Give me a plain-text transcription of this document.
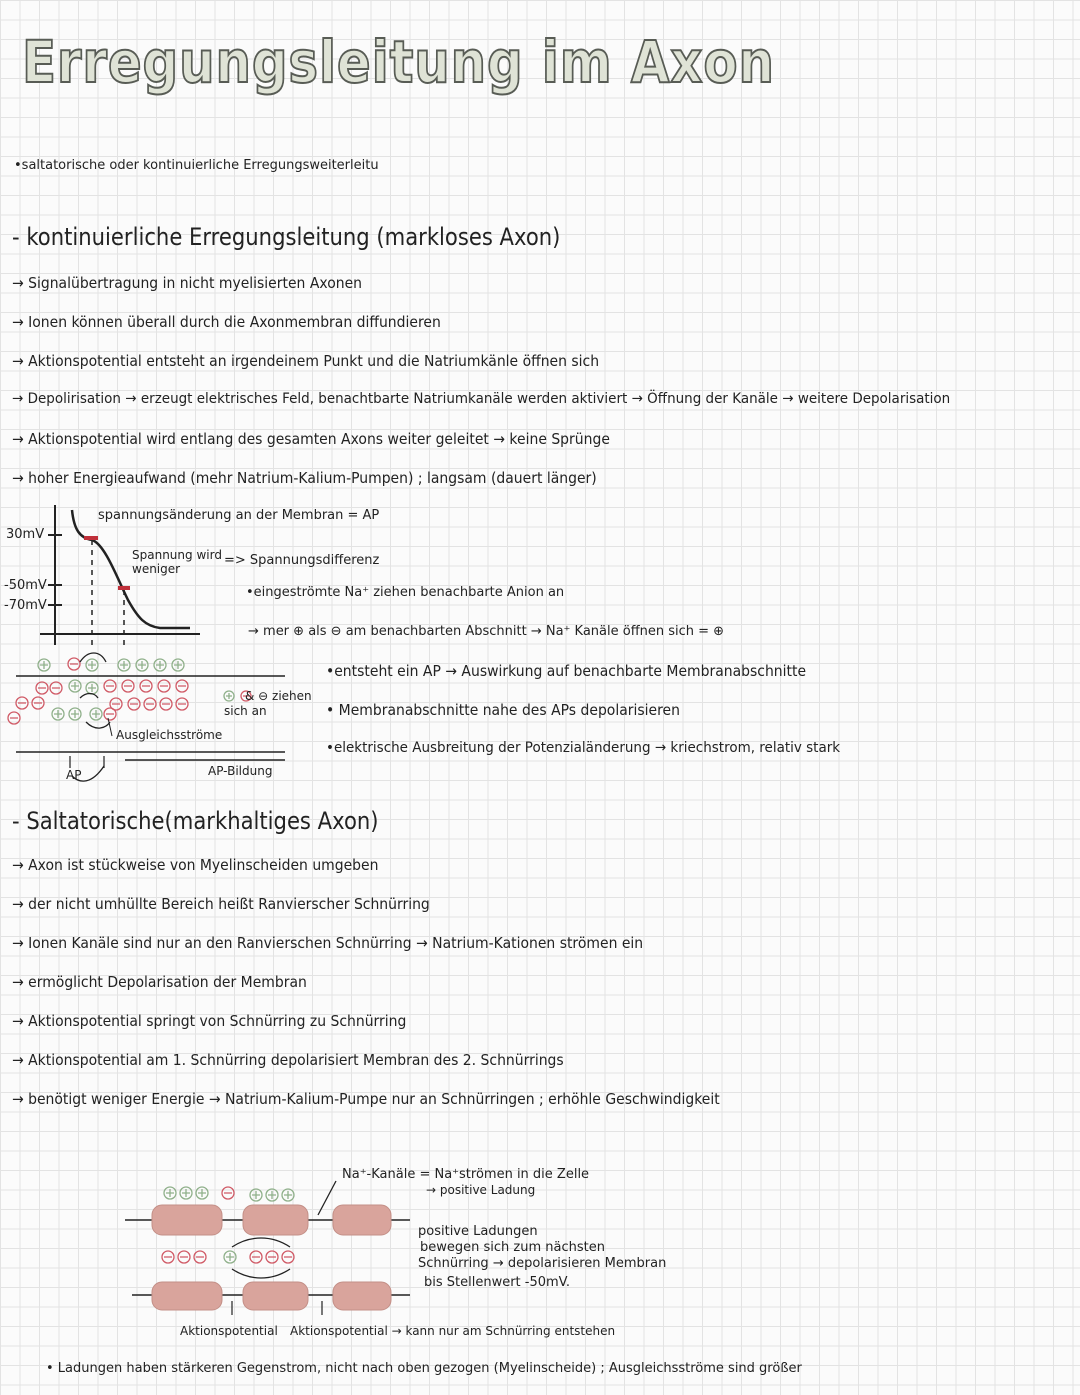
Erregungsleitung im Axon
•saltatorische oder kontinuierliche Erregungsweiterleitu
- kontinuierliche Erregungsleitung (markloses Axon)
→ Signalübertragung in nicht myelisierten Axonen
→ Ionen können überall durch die Axonmembran diffundieren
→ Aktionspotential entsteht an irgendeinem Punkt und die Natriumkänle öffnen sich
→ Depolirisation → erzeugt elektrisches Feld, benachtbarte Natriumkanäle werden aktiviert → Öffnung der Kanäle → weitere Depolarisation
→ Aktionspotential wird entlang des gesamten Axons weiter geleitet → keine Sprünge
→ hoher Energieaufwand (mehr Natrium-Kalium-Pumpen) ; langsam (dauert länger)
30mV
-50mV
-70mV
spannungsänderung an der Membran = AP
Spannung wird
weniger
=> Spannungsdifferenz
•eingeströmte Na⁺ ziehen benachbarte Anion an
→ mer ⊕ als ⊖ am benachbarten Abschnitt → Na⁺ Kanäle öffnen sich = ⊕
•entsteht ein AP → Auswirkung auf benachbarte Membranabschnitte
• Membranabschnitte nahe des APs depolarisieren
•elektrische Ausbreitung der Potenzialänderung → kriechstrom, relativ stark
& ⊖ ziehen
sich an
Ausgleichsströme
AP	AP-Bildung
- Saltatorische(markhaltiges Axon)
→ Axon ist stückweise von Myelinscheiden umgeben
→ der nicht umhüllte Bereich heißt Ranvierscher Schnürring
→ Ionen Kanäle sind nur an den Ranvierschen Schnürring → Natrium-Kationen strömen ein
→ ermöglicht Depolarisation der Membran
→ Aktionspotential springt von Schnürring zu Schnürring
→ Aktionspotential am 1. Schnürring depolarisiert Membran des 2. Schnürrings
→ benötigt weniger Energie → Natrium-Kalium-Pumpe nur an Schnürringen ; erhöhle Geschwindigkeit
Na⁺-Kanäle = Na⁺strömen in die Zelle
→ positive Ladung
positive Ladungen
bewegen sich zum nächsten
Schnürring → depolarisieren Membran
bis Stellenwert -50mV.
Aktionspotential Aktionspotential → kann nur am Schnürring entstehen
• Ladungen haben stärkeren Gegenstrom, nicht nach oben gezogen (Myelinscheide) ; Ausgleichsströme sind größer
